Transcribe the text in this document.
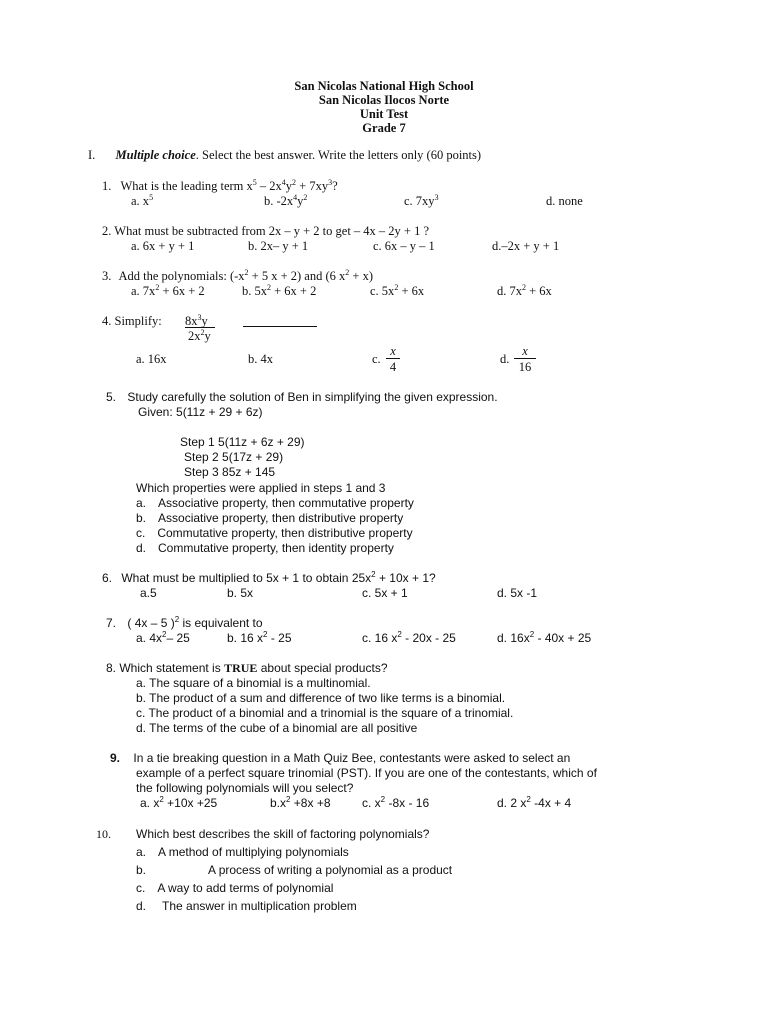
San Nicolas National High School
San Nicolas Ilocos Norte
Unit Test
Grade 7
I. Multiple choice. Select the best answer. Write the letters only (60 points)
1. What is the leading term $x^5 - 2x^4y^2 + 7xy^3$?
a. $x^5$	b. $-2x^4y^2$	c. $7xy^3$	d. none
2. What must be subtracted from 2x – y + 2 to get – 4x – 2y + 1 ?
a. 6x + y + 1	b. 2x– y + 1	c. 6x – y – 1	d.–2x + y + 1
3. Add the polynomials: ($-x^2 + 5$ x + 2) and (6 $x^2 + x$)
a. $7x^2 + 6x + 2$	b. $5x^2 + 6x + 2$	c. $5x^2 + 6x$	d. $7x^2 + 6x$
4. Simplify: $8x^3y$
$2x^2y$
a. 16x	b. 4x	c.
x
4
d.
x
16
5. Study carefully the solution of Ben in simplifying the given expression.
Given: 5(11z + 29 + 6z)
Step 1 5(11z + 6z + 29)
Step 2 5(17z + 29)
Step 3 85z + 145
Which properties were applied in steps 1 and 3
a. Associative property, then commutative property
b. Associative property, then distributive property
c. Commutative property, then distributive property
d. Commutative property, then identity property
6. What must be multiplied to 5x + 1 to obtain $25x^2 + 10x + 1$?
a.5	b. 5x	c. 5x + 1	d. 5x -1
7. ( 4x – 5 )$^2$ is equivalent to
a. $4x^2-$ 25	b. 16 $x^2 - 25$	c. 16 $x^2 - 20x - 25$	d. $16x^2 - 40x + 25$
8. Which statement is TRUE about special products?
a. The square of a binomial is a multinomial.
b. The product of a sum and difference of two like terms is a binomial.
c. The product of a binomial and a trinomial is the square of a trinomial.
d. The terms of the cube of a binomial are all positive
9. In a tie breaking question in a Math Quiz Bee, contestants were asked to select an
example of a perfect square trinomial (PST). If you are one of the contestants, which of
the following polynomials will you select?
a. $x^2 +10x +25$	$b.x^2 +8x +8$	c. $x^2$ -8x - 16	d. 2 $x^2$ -4x + 4
10. Which best describes the skill of factoring polynomials?
a. A method of multiplying polynomials
b.	A process of writing a polynomial as a product
c. A way to add terms of polynomial
d. The answer in multiplication problem
